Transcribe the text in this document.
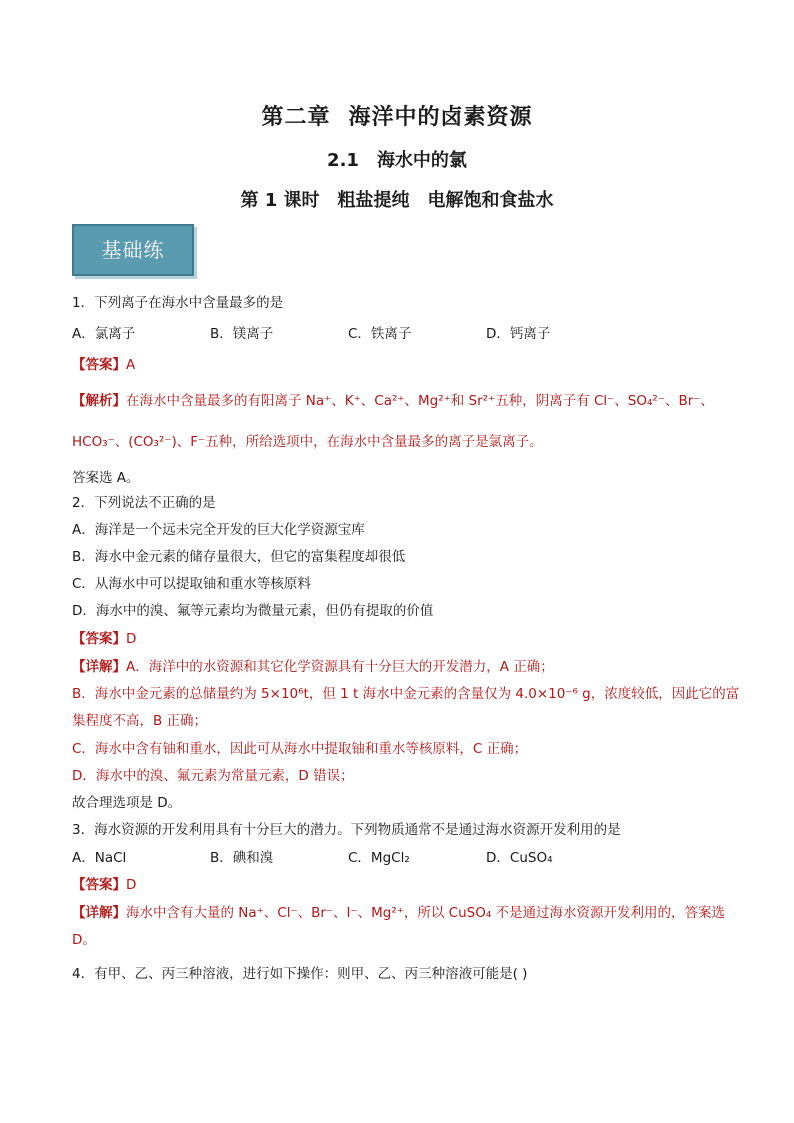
第二章 海洋中的卤素资源
2.1 海水中的氯
第 1 课时 粗盐提纯 电解饱和食盐水
基础练
1．下列离子在海水中含量最多的是
A．氯离子	B．镁离子	C．铁离子	D．钙离子
【答案】A
【解析】在海水中含量最多的有阳离子 Na⁺、K⁺、Ca²⁺、Mg²⁺和 Sr²⁺五种，阴离子有 Cl⁻、SO₄²⁻、Br⁻、
HCO₃⁻、(CO₃²⁻)、F⁻五种，所给选项中，在海水中含量最多的离子是氯离子。
答案选 A。
2．下列说法不正确的是
A．海洋是一个远未完全开发的巨大化学资源宝库
B．海水中金元素的储存量很大，但它的富集程度却很低
C．从海水中可以提取铀和重水等核原料
D．海水中的溴、氟等元素均为微量元素，但仍有提取的价值
【答案】D
【详解】A．海洋中的水资源和其它化学资源具有十分巨大的开发潜力，A 正确；
B．海水中金元素的总储量约为 5×10⁶t，但 1 t 海水中金元素的含量仅为 4.0×10⁻⁶ g，浓度较低，因此它的富
集程度不高，B 正确；
C．海水中含有铀和重水，因此可从海水中提取铀和重水等核原料，C 正确；
D．海水中的溴、氟元素为常量元素，D 错误；
故合理选项是 D。
3．海水资源的开发利用具有十分巨大的潜力。下列物质通常不是通过海水资源开发利用的是
A．NaCl	B．碘和溴	C．MgCl₂	D．CuSO₄
【答案】D
【详解】海水中含有大量的 Na⁺、Cl⁻、Br⁻、I⁻、Mg²⁺，所以 CuSO₄ 不是通过海水资源开发利用的，答案选
D。
4．有甲、乙、丙三种溶液，进行如下操作：则甲、乙、丙三种溶液可能是( )
